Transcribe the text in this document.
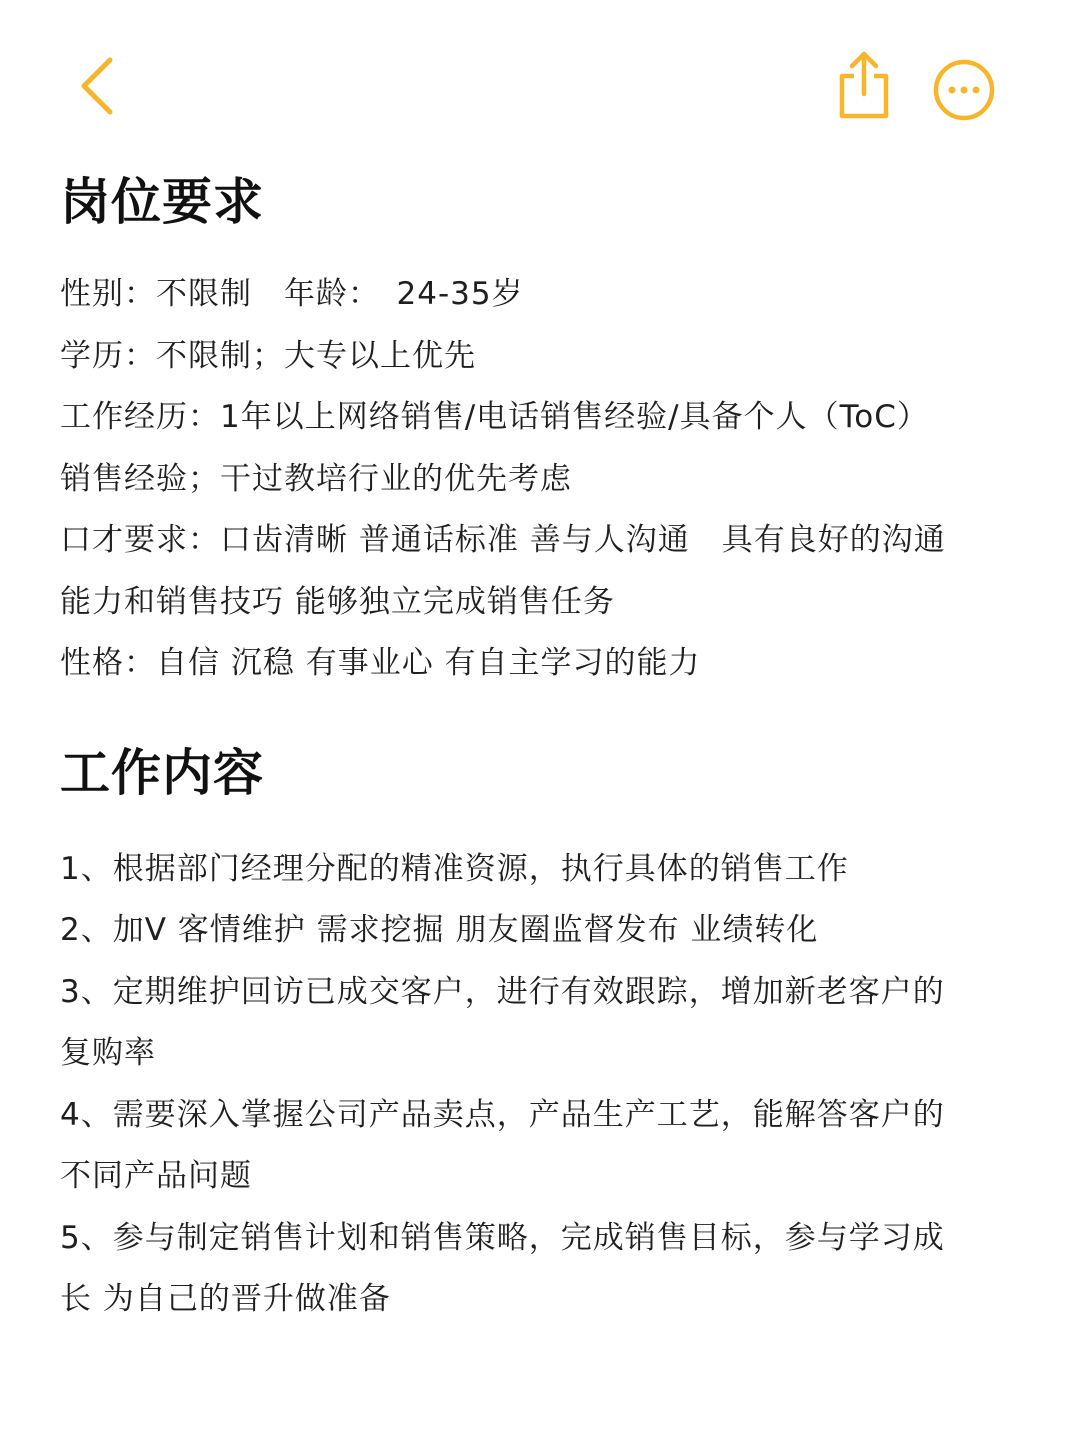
岗位要求
性别：不限制　年龄：　24-35岁
学历：不限制；大专以上优先
工作经历：1年以上网络销售/电话销售经验/具备个人（ToC）销售经验；干过教培行业的优先考虑
口才要求：口齿清晰 普通话标准 善与人沟通　具有良好的沟通能力和销售技巧 能够独立完成销售任务
性格：自信 沉稳 有事业心 有自主学习的能力
工作内容
1、根据部门经理分配的精准资源，执行具体的销售工作
2、加V 客情维护 需求挖掘 朋友圈监督发布 业绩转化
3、定期维护回访已成交客户，进行有效跟踪，增加新老客户的复购率
4、需要深入掌握公司产品卖点，产品生产工艺，能解答客户的不同产品问题
5、参与制定销售计划和销售策略，完成销售目标，参与学习成长 为自己的晋升做准备
